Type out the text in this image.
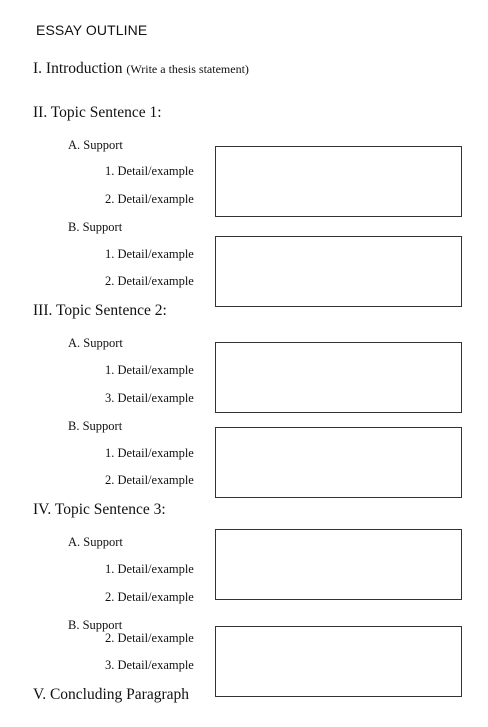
ESSAY OUTLINE
I. Introduction (Write a thesis statement)
II. Topic Sentence 1:
A. Support
1. Detail/example
2. Detail/example
B. Support
1. Detail/example
2. Detail/example
III. Topic Sentence 2:
A. Support
1. Detail/example
3. Detail/example
B. Support
1. Detail/example
2. Detail/example
IV. Topic Sentence 3:
A. Support
1. Detail/example
2. Detail/example
B. Support
2. Detail/example
3. Detail/example
V. Concluding Paragraph
